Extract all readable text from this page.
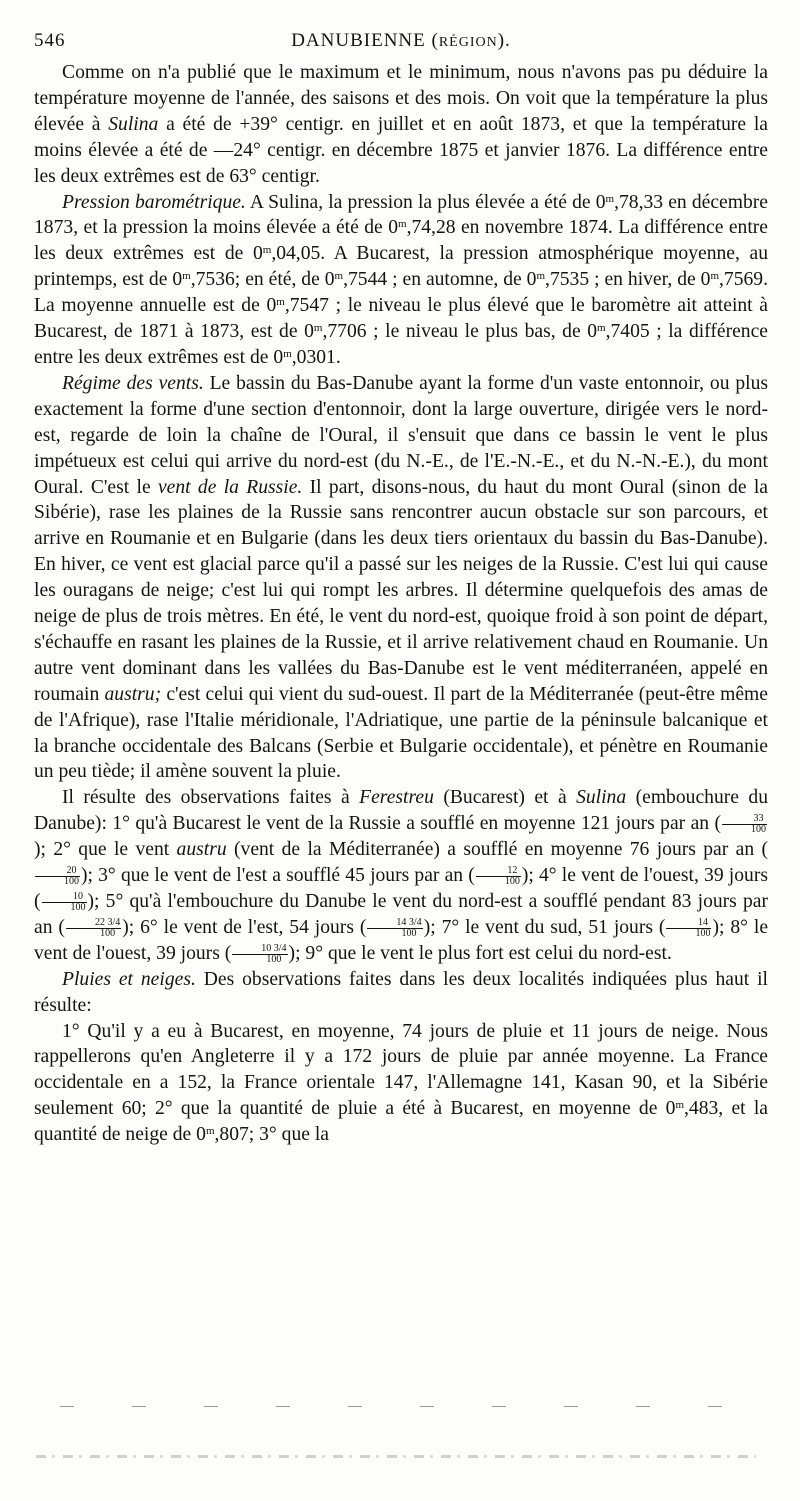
546	DANUBIENNE (RÉGION).

Comme on n'a publié que le maximum et le minimum, nous n'avons pas pu déduire la température moyenne de l'année, des saisons et des mois. On voit que la température la plus élevée à Sulina a été de +39° centigr. en juillet et en août 1873, et que la température la moins élevée a été de —24° centigr. en décembre 1875 et janvier 1876. La différence entre les deux extrêmes est de 63° centigr.

Pression barométrique. A Sulina, la pression la plus élevée a été de 0$^m$,78,33 en décembre 1873, et la pression la moins élevée a été de 0$^m$,74,28 en novembre 1874. La différence entre les deux extrêmes est de 0$^m$,04,05. A Bucarest, la pression atmosphérique moyenne, au printemps, est de 0$^m$,7536; en été, de 0$^m$,7544 ; en automne, de 0$^m$,7535 ; en hiver, de 0$^m$,7569. La moyenne annuelle est de 0$^m$,7547 ; le niveau le plus élevé que le baromètre ait atteint à Bucarest, de 1871 à 1873, est de 0$^m$,7706 ; le niveau le plus bas, de 0$^m$,7405 ; la différence entre les deux extrêmes est de 0$^m$,0301.

Régime des vents. Le bassin du Bas-Danube ayant la forme d'un vaste entonnoir, ou plus exactement la forme d'une section d'entonnoir, dont la large ouverture, dirigée vers le nord-est, regarde de loin la chaîne de l'Oural, il s'ensuit que dans ce bassin le vent le plus impétueux est celui qui arrive du nord-est (du N.-E., de l'E.-N.-E., et du N.-N.-E.), du mont Oural. C'est le vent de la Russie. Il part, disons-nous, du haut du mont Oural (sinon de la Sibérie), rase les plaines de la Russie sans rencontrer aucun obstacle sur son parcours, et arrive en Roumanie et en Bulgarie (dans les deux tiers orientaux du bassin du Bas-Danube). En hiver, ce vent est glacial parce qu'il a passé sur les neiges de la Russie. C'est lui qui cause les ouragans de neige; c'est lui qui rompt les arbres. Il détermine quelquefois des amas de neige de plus de trois mètres. En été, le vent du nord-est, quoique froid à son point de départ, s'échauffe en rasant les plaines de la Russie, et il arrive relativement chaud en Roumanie. Un autre vent dominant dans les vallées du Bas-Danube est le vent méditerranéen, appelé en roumain austru; c'est celui qui vient du sud-ouest. Il part de la Méditerranée (peut-être même de l'Afrique), rase l'Italie méridionale, l'Adriatique, une partie de la péninsule balcanique et la branche occidentale des Balcans (Serbie et Bulgarie occidentale), et pénètre en Roumanie un peu tiède; il amène souvent la pluie.

Il résulte des observations faites à Ferestreu (Bucarest) et à Sulina (embouchure du Danube): 1° qu'à Bucarest le vent de la Russie a soufflé en moyenne 121 jours par an ( $\frac{33}{100}$
); 2° que le vent austru (vent de la Méditerranée) a soufflé en moyenne 76 jours par an (
$\frac{20}{100}$ ); 3° que le vent de l'est a soufflé 45 jours par an ( $\frac{12}{100}$ ); 4° le vent de l'ouest, 39 jours ( $\frac{10}{100}$ ); 5° qu'à l'embouchure du Danube le vent du nord-est a soufflé pendant 83 jours par an ( $\frac{22 3/4}{100}$ ); 6° le vent de l'est, 54 jours ( $\frac{14 3/4}{100}$ ); 7° le vent du sud, 51 jours ( $\frac{14}{100}$ ); 8° le vent de l'ouest, 39 jours ( $\frac{10 3/4}{100}$ ); 9° que le vent le plus fort est celui du nord-est.

Pluies et neiges. Des observations faites dans les deux localités indiquées plus haut il résulte:

1° Qu'il y a eu à Bucarest, en moyenne, 74 jours de pluie et 11 jours de neige. Nous rappellerons qu'en Angleterre il y a 172 jours de pluie par année moyenne. La France occidentale en a 152, la France orientale 147, l'Allemagne 141, Kasan 90, et la Sibérie seulement 60; 2° que la quantité de pluie a été à Bucarest, en moyenne de 0$^m$,483, et la quantité de neige de 0$^m$,807; 3° que la
